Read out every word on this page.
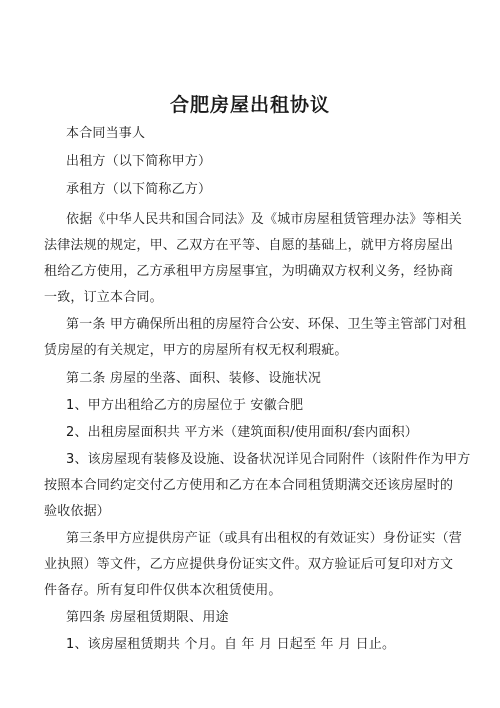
合肥房屋出租协议
本合同当事人
出租方（以下简称甲方）
承租方（以下简称乙方）
依据《中华人民共和国合同法》及《城市房屋租赁管理办法》等相关
法律法规的规定，甲、乙双方在平等、自愿的基础上，就甲方将房屋出
租给乙方使用，乙方承租甲方房屋事宜，为明确双方权利义务，经协商
一致，订立本合同。
第一条 甲方确保所出租的房屋符合公安、环保、卫生等主管部门对租
赁房屋的有关规定，甲方的房屋所有权无权利瑕疵。
第二条 房屋的坐落、面积、装修、设施状况
1、甲方出租给乙方的房屋位于 安徽合肥
2、出租房屋面积共 平方米（建筑面积/使用面积/套内面积）
3、该房屋现有装修及设施、设备状况详见合同附件（该附件作为甲方
按照本合同约定交付乙方使用和乙方在本合同租赁期满交还该房屋时的
验收依据）
第三条甲方应提供房产证（或具有出租权的有效证实）身份证实（营
业执照）等文件，乙方应提供身份证实文件。双方验证后可复印对方文
件备存。所有复印件仅供本次租赁使用。
第四条 房屋租赁期限、用途
1、该房屋租赁期共 个月。自 年 月 日起至 年 月 日止。
